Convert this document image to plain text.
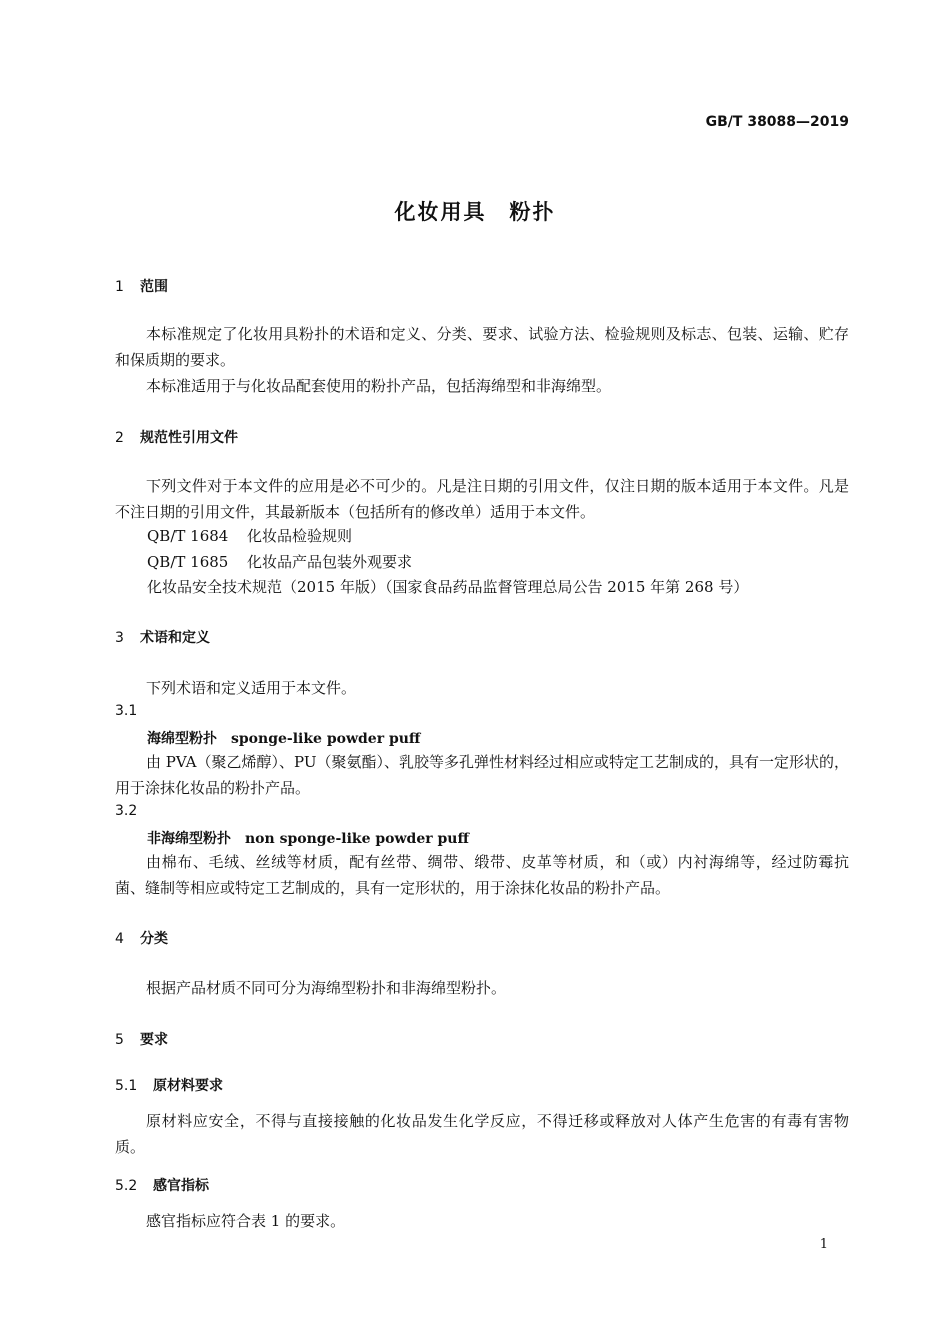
GB/T 38088—2019
化妆用具　粉扑
1 范围
本标准规定了化妆用具粉扑的术语和定义、分类、要求、试验方法、检验规则及标志、包装、运输、贮存和保质期的要求。
本标准适用于与化妆品配套使用的粉扑产品，包括海绵型和非海绵型。
2 规范性引用文件
下列文件对于本文件的应用是必不可少的。凡是注日期的引用文件，仅注日期的版本适用于本文件。凡是不注日期的引用文件，其最新版本（包括所有的修改单）适用于本文件。
QB/T 1684 化妆品检验规则
QB/T 1685 化妆品产品包装外观要求
化妆品安全技术规范（2015 年版）（国家食品药品监督管理总局公告 2015 年第 268 号）
3 术语和定义
下列术语和定义适用于本文件。
3.1
海绵型粉扑 sponge-like powder puff
由 PVA（聚乙烯醇）、PU（聚氨酯）、乳胶等多孔弹性材料经过相应或特定工艺制成的，具有一定形状的，用于涂抹化妆品的粉扑产品。
3.2
非海绵型粉扑 non sponge-like powder puff
由棉布、毛绒、丝绒等材质，配有丝带、绸带、缎带、皮革等材质，和（或）内衬海绵等，经过防霉抗菌、缝制等相应或特定工艺制成的，具有一定形状的，用于涂抹化妆品的粉扑产品。
4 分类
根据产品材质不同可分为海绵型粉扑和非海绵型粉扑。
5 要求
5.1 原材料要求
原材料应安全，不得与直接接触的化妆品发生化学反应，不得迁移或释放对人体产生危害的有毒有害物质。
5.2 感官指标
感官指标应符合表 1 的要求。
1
